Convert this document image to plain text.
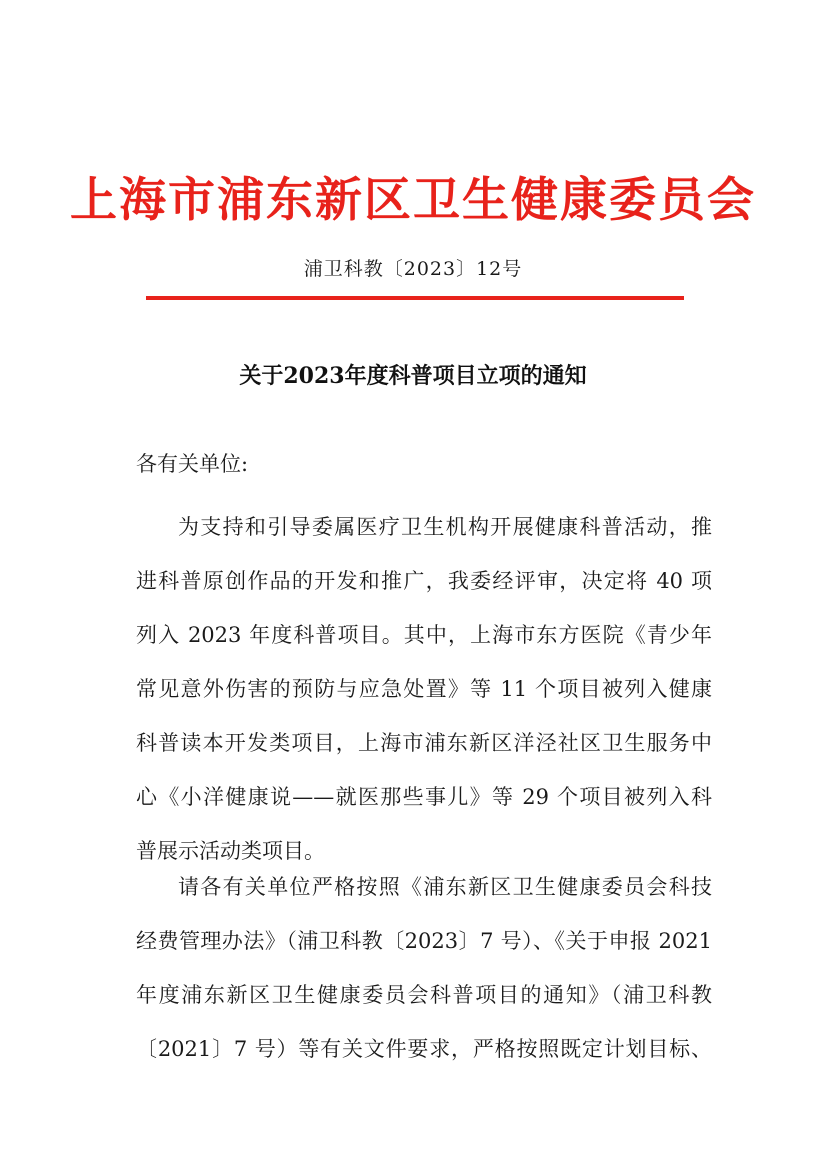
上海市浦东新区卫生健康委员会
浦卫科教〔2023〕12号
关于2023年度科普项目立项的通知
各有关单位:
为支持和引导委属医疗卫生机构开展健康科普活动，推
进科普原创作品的开发和推广，我委经评审，决定将 40 项
列入 2023 年度科普项目。其中，上海市东方医院《青少年
常见意外伤害的预防与应急处置》等 11 个项目被列入健康
科普读本开发类项目，上海市浦东新区洋泾社区卫生服务中
心《小洋健康说——就医那些事儿》等 29 个项目被列入科
普展示活动类项目。
请各有关单位严格按照《浦东新区卫生健康委员会科技
经费管理办法》（浦卫科教〔2023〕7 号）、《关于申报 2021
年度浦东新区卫生健康委员会科普项目的通知》（浦卫科教
〔2021〕7 号）等有关文件要求，严格按照既定计划目标、
